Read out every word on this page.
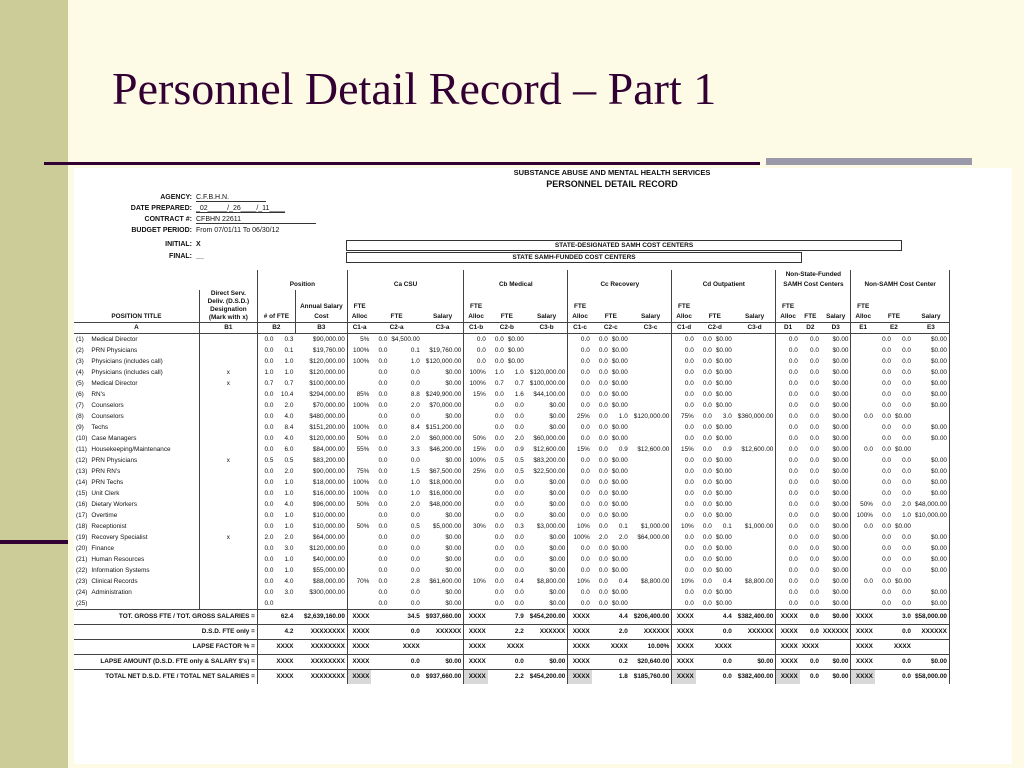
Personnel Detail Record – Part 1
SUBSTANCE ABUSE AND MENTAL HEALTH SERVICES
PERSONNEL DETAIL RECORD
AGENCY: C.F.B.H.N.
DATE PREPARED: _02_____/_26____/_11____
CONTRACT #: CFBHN 22611
BUDGET PERIOD: From 07/01/11 To 06/30/12
INITIAL: X
FINAL: __
STATE-DESIGNATED SAMH COST CENTERS
STATE SAMH-FUNDED COST CENTERS
			Position			Ca CSU				Cb Medical				Cc Recovery				Cd Outpatient				Non-State-Funded SAMH Cost Centers			Non-SAMH Cost Center			
POSITION TITLE		Direct Serv. Deliv. (D.S.D.) Designation (Mark with x)	# of FTE		Annual Salary Cost	FTE Alloc	FTE		Salary	FTE Alloc	FTE		Salary	FTE Alloc	FTE		Salary	FTE Alloc	FTE		Salary	FTE Alloc	FTE	Salary	FTE Alloc	FTE		Salary
A		B1	B2		B3	C1-a	C2-a		C3-a	C1-b	C2-b		C3-b	C1-c	C2-c		C3-c	C1-d	C2-d		C3-d	D1	D2	D3	E1	E2		E3
(1)	Medical Director		0.0	0.3	$90,000.00	5%	0.0	$4,500.00		0.0	0.0	$0.00		0.0	0.0	$0.00		0.0	0.0	$0.00		0.0	0.0	$0.00		0.0	0.0	$0.00
(2)	PRN Physicians		0.0	0.1	$19,760.00	100%	0.0	0.1	$19,760.00	0.0	0.0	$0.00		0.0	0.0	$0.00		0.0	0.0	$0.00		0.0	0.0	$0.00		0.0	0.0	$0.00
(3)	Physicians (includes call)		0.0	1.0	$120,000.00	100%	0.0	1.0	$120,000.00	0.0	0.0	$0.00		0.0	0.0	$0.00		0.0	0.0	$0.00		0.0	0.0	$0.00		0.0	0.0	$0.00
(4)	Physicians (includes call)	x	1.0	1.0	$120,000.00		0.0	0.0	$0.00	100%	1.0	1.0	$120,000.00	0.0	0.0	$0.00		0.0	0.0	$0.00		0.0	0.0	$0.00		0.0	0.0	$0.00
(5)	Medical Director	x	0.7	0.7	$100,000.00		0.0	0.0	$0.00	100%	0.7	0.7	$100,000.00	0.0	0.0	$0.00		0.0	0.0	$0.00		0.0	0.0	$0.00		0.0	0.0	$0.00
(6)	RN's		0.0	10.4	$294,000.00	85%	0.0	8.8	$249,900.00	15%	0.0	1.6	$44,100.00	0.0	0.0	$0.00		0.0	0.0	$0.00		0.0	0.0	$0.00		0.0	0.0	$0.00
(7)	Counselors		0.0	2.0	$70,000.00	100%	0.0	2.0	$70,000.00		0.0	0.0	$0.00	0.0	0.0	$0.00		0.0	0.0	$0.00		0.0	0.0	$0.00		0.0	0.0	$0.00
(8)	Counselors		0.0	4.0	$480,000.00		0.0	0.0	$0.00		0.0	0.0	$0.00	25%	0.0	1.0	$120,000.00	75%	0.0	3.0	$360,000.00	0.0	0.0	$0.00	0.0	0.0	$0.00	
(9)	Techs		0.0	8.4	$151,200.00	100%	0.0	8.4	$151,200.00		0.0	0.0	$0.00	0.0	0.0	$0.00		0.0	0.0	$0.00		0.0	0.0	$0.00		0.0	0.0	$0.00
(10)	Case Managers		0.0	4.0	$120,000.00	50%	0.0	2.0	$60,000.00	50%	0.0	2.0	$60,000.00	0.0	0.0	$0.00		0.0	0.0	$0.00		0.0	0.0	$0.00		0.0	0.0	$0.00
(11)	Housekeeping/Maintenance		0.0	6.0	$84,000.00	55%	0.0	3.3	$46,200.00	15%	0.0	0.9	$12,600.00	15%	0.0	0.9	$12,600.00	15%	0.0	0.9	$12,600.00	0.0	0.0	$0.00	0.0	0.0	$0.00	
(12)	PRN Physicians	x	0.5	0.5	$83,200.00		0.0	0.0	$0.00	100%	0.5	0.5	$83,200.00	0.0	0.0	$0.00		0.0	0.0	$0.00		0.0	0.0	$0.00		0.0	0.0	$0.00
(13)	PRN RN's		0.0	2.0	$90,000.00	75%	0.0	1.5	$67,500.00	25%	0.0	0.5	$22,500.00	0.0	0.0	$0.00		0.0	0.0	$0.00		0.0	0.0	$0.00		0.0	0.0	$0.00
(14)	PRN Techs		0.0	1.0	$18,000.00	100%	0.0	1.0	$18,000.00		0.0	0.0	$0.00	0.0	0.0	$0.00		0.0	0.0	$0.00		0.0	0.0	$0.00		0.0	0.0	$0.00
(15)	Unit Clerk		0.0	1.0	$16,000.00	100%	0.0	1.0	$16,000.00		0.0	0.0	$0.00	0.0	0.0	$0.00		0.0	0.0	$0.00		0.0	0.0	$0.00		0.0	0.0	$0.00
(16)	Dietary Workers		0.0	4.0	$96,000.00	50%	0.0	2.0	$48,000.00		0.0	0.0	$0.00	0.0	0.0	$0.00		0.0	0.0	$0.00		0.0	0.0	$0.00	50%	0.0	2.0	$48,000.00
(17)	Overtime		0.0	1.0	$10,000.00		0.0	0.0	$0.00		0.0	0.0	$0.00	0.0	0.0	$0.00		0.0	0.0	$0.00		0.0	0.0	$0.00	100%	0.0	1.0	$10,000.00
(18)	Receptionist		0.0	1.0	$10,000.00	50%	0.0	0.5	$5,000.00	30%	0.0	0.3	$3,000.00	10%	0.0	0.1	$1,000.00	10%	0.0	0.1	$1,000.00	0.0	0.0	$0.00	0.0	0.0	$0.00	
(19)	Recovery Specialist	x	2.0	2.0	$64,000.00		0.0	0.0	$0.00		0.0	0.0	$0.00	100%	2.0	2.0	$64,000.00	0.0	0.0	$0.00		0.0	0.0	$0.00		0.0	0.0	$0.00
(20)	Finance		0.0	3.0	$120,000.00		0.0	0.0	$0.00		0.0	0.0	$0.00	0.0	0.0	$0.00		0.0	0.0	$0.00		0.0	0.0	$0.00		0.0	0.0	$0.00
(21)	Human Resources		0.0	1.0	$40,000.00		0.0	0.0	$0.00		0.0	0.0	$0.00	0.0	0.0	$0.00		0.0	0.0	$0.00		0.0	0.0	$0.00		0.0	0.0	$0.00
(22)	Information Systems		0.0	1.0	$55,000.00		0.0	0.0	$0.00		0.0	0.0	$0.00	0.0	0.0	$0.00		0.0	0.0	$0.00		0.0	0.0	$0.00		0.0	0.0	$0.00
(23)	Clinical Records		0.0	4.0	$88,000.00	70%	0.0	2.8	$61,600.00	10%	0.0	0.4	$8,800.00	10%	0.0	0.4	$8,800.00	10%	0.0	0.4	$8,800.00	0.0	0.0	$0.00	0.0	0.0	$0.00	
(24)	Administration		0.0	3.0	$300,000.00		0.0	0.0	$0.00		0.0	0.0	$0.00	0.0	0.0	$0.00		0.0	0.0	$0.00		0.0	0.0	$0.00		0.0	0.0	$0.00
(25)			0.0				0.0	0.0	$0.00		0.0	0.0	$0.00	0.0	0.0	$0.00		0.0	0.0	$0.00		0.0	0.0	$0.00		0.0	0.0	$0.00
TOT. GROSS FTE / TOT. GROSS SALARIES =			62.4		$2,639,160.00	XXXX	34.5		$937,660.00	XXXX	7.9		$454,200.00	XXXX	4.4		$206,400.00	XXXX	4.4		$382,400.00	XXXX	0.0	$0.00	XXXX	3.0		$58,000.00
D.S.D. FTE only =			4.2		XXXXXXXX	XXXX	0.0		XXXXXX	XXXX	2.2		XXXXXX	XXXX	2.0		XXXXXX	XXXX	0.0		XXXXXX	XXXX	0.0	XXXXXX	XXXX	0.0		XXXXXX
LAPSE FACTOR % =			XXXX		XXXXXXXX	XXXX	XXXX			XXXX	XXXX			XXXX	XXXX		10.00%	XXXX	XXXX			XXXX	XXXX		XXXX	XXXX		
LAPSE AMOUNT (D.S.D. FTE only & SALARY $'s) =			XXXX		XXXXXXXX	XXXX	0.0		$0.00	XXXX	0.0		$0.00	XXXX	0.2		$20,640.00	XXXX	0.0		$0.00	XXXX	0.0	$0.00	XXXX	0.0		$0.00
TOTAL NET D.S.D. FTE / TOTAL NET SALARIES =			XXXX		XXXXXXXX	XXXX	0.0		$937,660.00	XXXX	2.2		$454,200.00	XXXX	1.8		$185,760.00	XXXX	0.0		$382,400.00	XXXX	0.0	$0.00	XXXX	0.0		$58,000.00
